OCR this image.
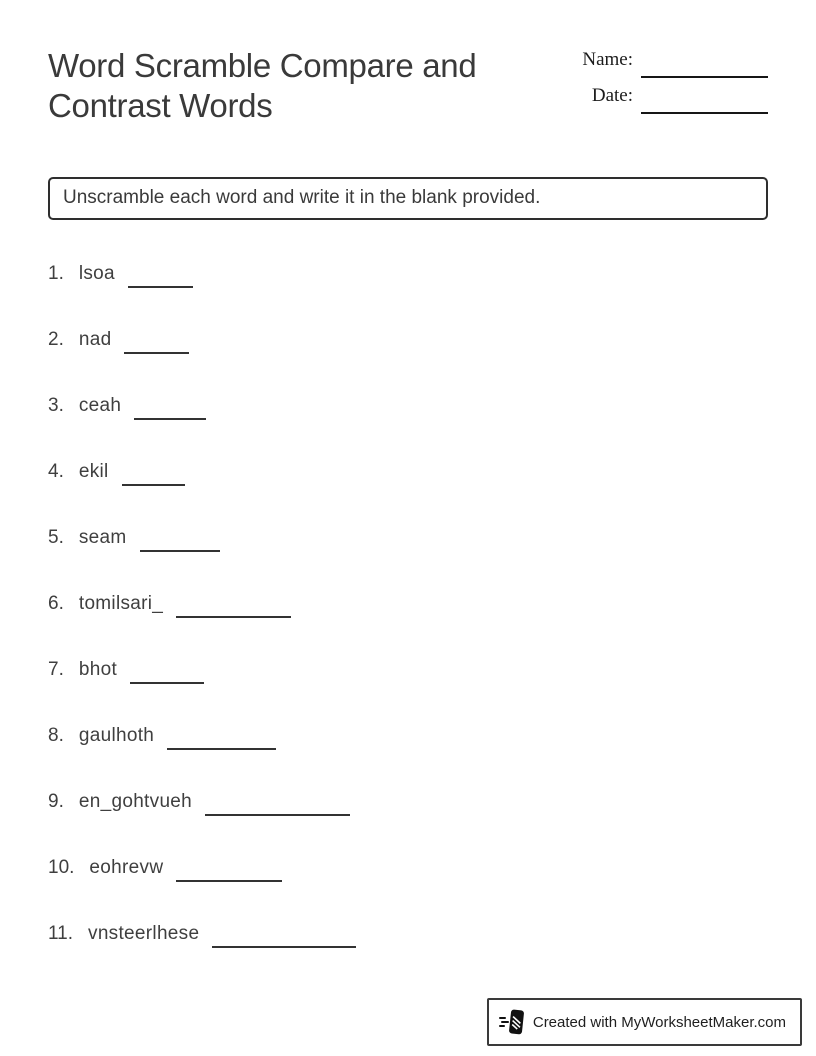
Word Scramble Compare and Contrast Words
Name:
Date:
Unscramble each word and write it in the blank provided.
1. lsoa
2. nad
3. ceah
4. ekil
5. seam
6. tomilsari_
7. bhot
8. gaulhoth
9. en_gohtvueh
10. eohrevw
11. vnsteerlhese
Created with MyWorksheetMaker.com
